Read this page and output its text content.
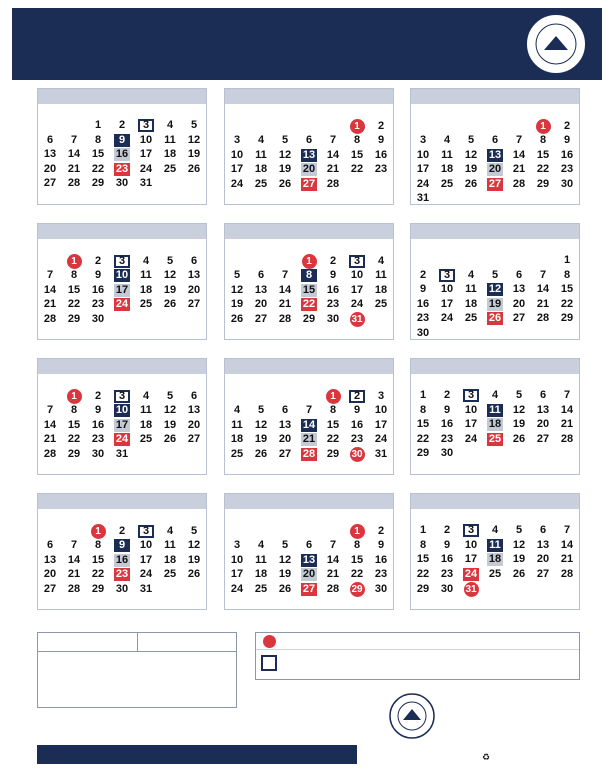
		1	2	3	4	5
6	7	8	9	10	11	12
13	14	15	16	17	18	19
20	21	22	23	24	25	26
27	28	29	30	31		

					1	2
3	4	5	6	7	8	9
10	11	12	13	14	15	16
17	18	19	20	21	22	23
24	25	26	27	28		

					1	2
3	4	5	6	7	8	9
10	11	12	13	14	15	16
17	18	19	20	21	22	23
24	25	26	27	28	29	30
31						

	1	2	3	4	5	6
7	8	9	10	11	12	13
14	15	16	17	18	19	20
21	22	23	24	25	26	27
28	29	30				

			1	2	3	4
5	6	7	8	9	10	11
12	13	14	15	16	17	18
19	20	21	22	23	24	25
26	27	28	29	30	31	

						1
2	3	4	5	6	7	8
9	10	11	12	13	14	15
16	17	18	19	20	21	22
23	24	25	26	27	28	29
30						

	1	2	3	4	5	6
7	8	9	10	11	12	13
14	15	16	17	18	19	20
21	22	23	24	25	26	27
28	29	30	31			

				1	2	3
4	5	6	7	8	9	10
11	12	13	14	15	16	17
18	19	20	21	22	23	24
25	26	27	28	29	30	31

1	2	3	4	5	6	7
8	9	10	11	12	13	14
15	16	17	18	19	20	21
22	23	24	25	26	27	28
29	30					

		1	2	3	4	5
6	7	8	9	10	11	12
13	14	15	16	17	18	19
20	21	22	23	24	25	26
27	28	29	30	31		

					1	2
3	4	5	6	7	8	9
10	11	12	13	14	15	16
17	18	19	20	21	22	23
24	25	26	27	28	29	30

1	2	3	4	5	6	7
8	9	10	11	12	13	14
15	16	17	18	19	20	21
22	23	24	25	26	27	28
29	30	31				

♻
